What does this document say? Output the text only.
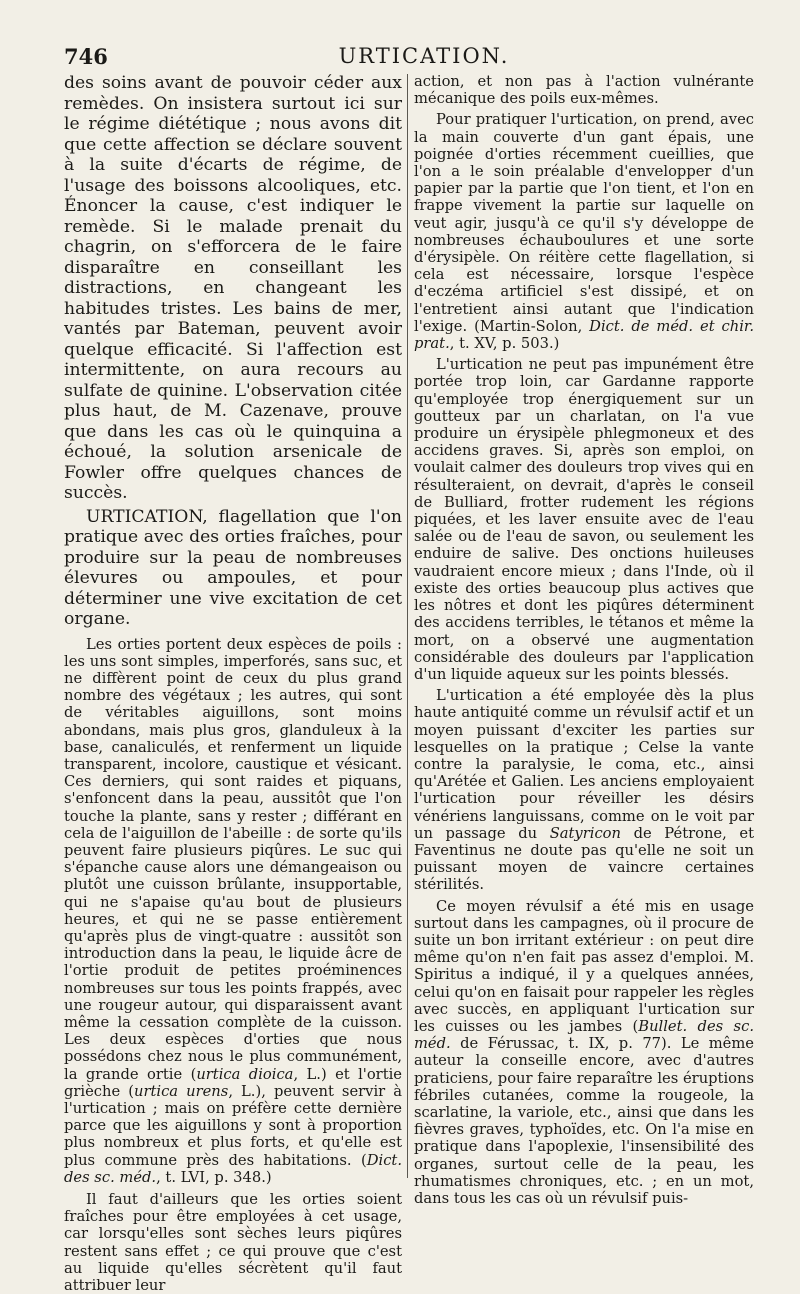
746	URTICATION.

des soins avant de pouvoir céder aux remèdes. On insistera surtout ici sur le régime diététique ; nous avons dit que cette affection se déclare souvent à la suite d'écarts de régime, de l'usage des boissons alcooliques, etc. Énoncer la cause, c'est indiquer le remède. Si le malade prenait du chagrin, on s'efforcera de le faire disparaître en conseillant les distractions, en changeant les habitudes tristes. Les bains de mer, vantés par Bateman, peuvent avoir quelque efficacité. Si l'affection est intermittente, on aura recours au sulfate de quinine. L'observation citée plus haut, de M. Cazenave, prouve que dans les cas où le quinquina a échoué, la solution arsenicale de Fowler offre quelques chances de succès.

URTICATION, flagellation que l'on pratique avec des orties fraîches, pour produire sur la peau de nombreuses élevures ou ampoules, et pour déterminer une vive excitation de cet organe.

Les orties portent deux espèces de poils : les uns sont simples, imperforés, sans suc, et ne diffèrent point de ceux du plus grand nombre des végétaux ; les autres, qui sont de véritables aiguillons, sont moins abondans, mais plus gros, glanduleux à la base, canaliculés, et renferment un liquide transparent, incolore, caustique et vésicant. Ces derniers, qui sont raides et piquans, s'enfoncent dans la peau, aussitôt que l'on touche la plante, sans y rester ; différant en cela de l'aiguillon de l'abeille : de sorte qu'ils peuvent faire plusieurs piqûres. Le suc qui s'épanche cause alors une démangeaison ou plutôt une cuisson brûlante, insupportable, qui ne s'apaise qu'au bout de plusieurs heures, et qui ne se passe entièrement qu'après plus de vingt-quatre : aussitôt son introduction dans la peau, le liquide âcre de l'ortie produit de petites proéminences nombreuses sur tous les points frappés, avec une rougeur autour, qui disparaissent avant même la cessation complète de la cuisson. Les deux espèces d'orties que nous possédons chez nous le plus communément, la grande ortie (urtica dioica, L.) et l'ortie grièche (urtica urens, L.), peuvent servir à l'urtication ; mais on préfère cette dernière parce que les aiguillons y sont à proportion plus nombreux et plus forts, et qu'elle est plus commune près des habitations. (Dict. des sc. méd., t. LVI, p. 348.)

Il faut d'ailleurs que les orties soient fraîches pour être employées à cet usage, car lorsqu'elles sont sèches leurs piqûres restent sans effet ; ce qui prouve que c'est au liquide qu'elles sécrètent qu'il faut attribuer leur

action, et non pas à l'action vulnérante mécanique des poils eux-mêmes.

Pour pratiquer l'urtication, on prend, avec la main couverte d'un gant épais, une poignée d'orties récemment cueillies, que l'on a le soin préalable d'envelopper d'un papier par la partie que l'on tient, et l'on en frappe vivement la partie sur laquelle on veut agir, jusqu'à ce qu'il s'y développe de nombreuses échauboulures et une sorte d'érysipèle. On réitère cette flagellation, si cela est nécessaire, lorsque l'espèce d'eczéma artificiel s'est dissipé, et on l'entretient ainsi autant que l'indication l'exige. (Martin-Solon, Dict. de méd. et chir. prat., t. XV, p. 503.)

L'urtication ne peut pas impunément être portée trop loin, car Gardanne rapporte qu'employée trop énergiquement sur un goutteux par un charlatan, on l'a vue produire un érysipèle phlegmoneux et des accidens graves. Si, après son emploi, on voulait calmer des douleurs trop vives qui en résulteraient, on devrait, d'après le conseil de Bulliard, frotter rudement les régions piquées, et les laver ensuite avec de l'eau salée ou de l'eau de savon, ou seulement les enduire de salive. Des onctions huileuses vaudraient encore mieux ; dans l'Inde, où il existe des orties beaucoup plus actives que les nôtres et dont les piqûres déterminent des accidens terribles, le tétanos et même la mort, on a observé une augmentation considérable des douleurs par l'application d'un liquide aqueux sur les points blessés.

L'urtication a été employée dès la plus haute antiquité comme un révulsif actif et un moyen puissant d'exciter les parties sur lesquelles on la pratique ; Celse la vante contre la paralysie, le coma, etc., ainsi qu'Arétée et Galien. Les anciens employaient l'urtication pour réveiller les désirs vénériens languissans, comme on le voit par un passage du Satyricon de Pétrone, et Faventinus ne doute pas qu'elle ne soit un puissant moyen de vaincre certaines stérilités.

Ce moyen révulsif a été mis en usage surtout dans les campagnes, où il procure de suite un bon irritant extérieur : on peut dire même qu'on n'en fait pas assez d'emploi. M. Spiritus a indiqué, il y a quelques années, celui qu'on en faisait pour rappeler les règles avec succès, en appliquant l'urtication sur les cuisses ou les jambes (Bullet. des sc. méd. de Férussac, t. IX, p. 77). Le même auteur la conseille encore, avec d'autres praticiens, pour faire reparaître les éruptions fébriles cutanées, comme la rougeole, la scarlatine, la variole, etc., ainsi que dans les fièvres graves, typhoïdes, etc. On l'a mise en pratique dans l'apoplexie, l'insensibilité des organes, surtout celle de la peau, les rhumatismes chroniques, etc. ; en un mot, dans tous les cas où un révulsif puis-
